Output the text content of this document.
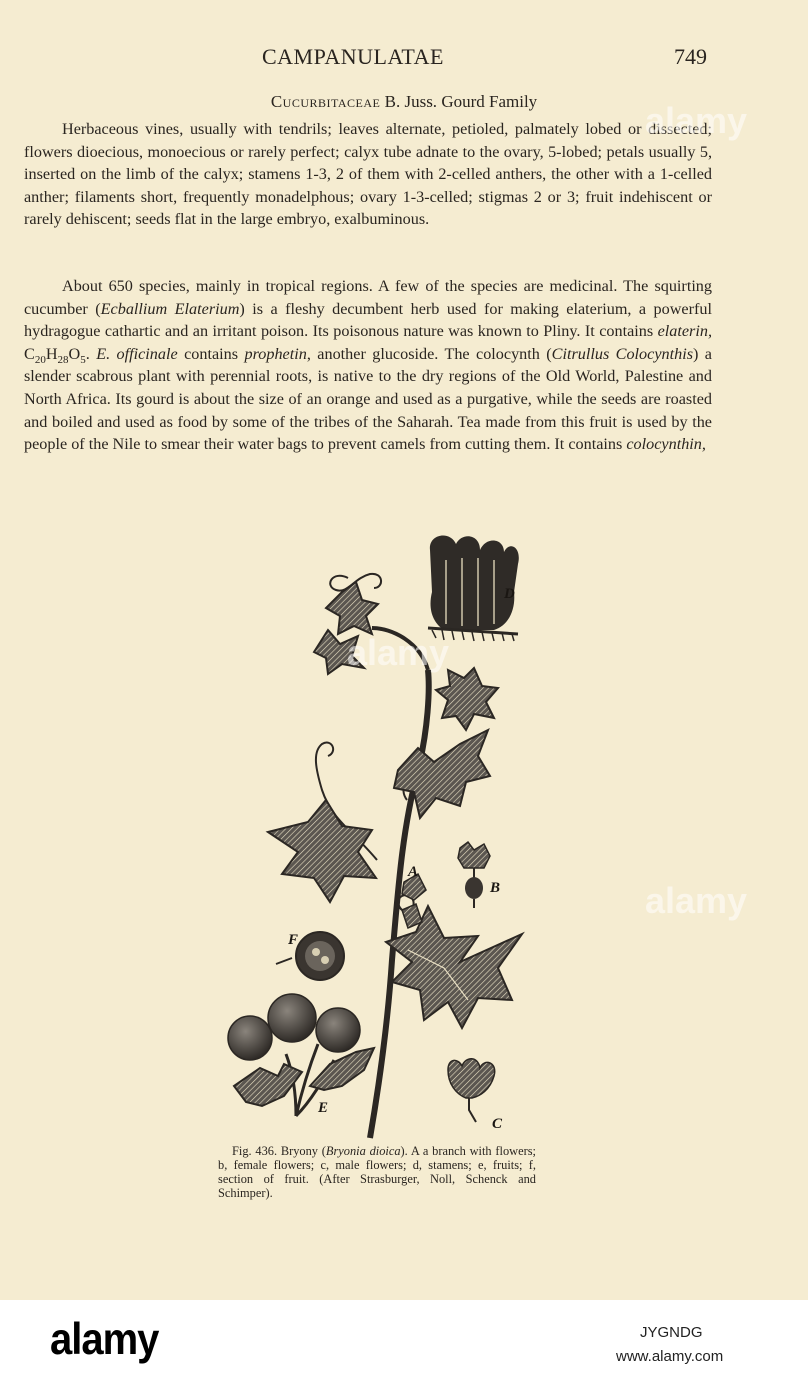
CAMPANULATAE	749
Cucurbitaceae B. Juss. Gourd Family

Herbaceous vines, usually with tendrils; leaves alternate, petioled, palmately lobed or dissected; flowers dioecious, monoecious or rarely perfect; calyx tube adnate to the ovary, 5-lobed; petals usually 5, inserted on the limb of the calyx; stamens 1-3, 2 of them with 2-celled anthers, the other with a 1-celled anther; filaments short, frequently monadelphous; ovary 1-3-celled; stigmas 2 or 3; fruit indehiscent or rarely dehiscent; seeds flat in the large embryo, exalbuminous.

About 650 species, mainly in tropical regions. A few of the species are medicinal. The squirting cucumber (Ecballium Elaterium) is a fleshy decumbent herb used for making elaterium, a powerful hydragogue cathartic and an irritant poison. Its poisonous nature was known to Pliny. It contains elaterin, $C_{20}H_{28}O_5$. E. officinale contains prophetin, another glucoside. The colocynth (Citrullus Colocynthis) a slender scabrous plant with perennial roots, is native to the dry regions of the Old World, Palestine and North Africa. Its gourd is about the size of an orange and used as a purgative, while the seeds are roasted and boiled and used as food by some of the tribes of the Saharah. Tea made from this fruit is used by the people of the Nile to smear their water bags to prevent camels from cutting them. It contains colocynthin,

D
A
B
F
E
C
Fig. 436. Bryony (Bryonia dioica). A a branch with flowers; b, female flowers; c, male flowers; d, stamens; e, fruits; f, section of fruit. (After Strasburger, Noll, Schenck and Schimper).
alamy
alamy
alamy
alamy	JYGNDG
www.alamy.com
